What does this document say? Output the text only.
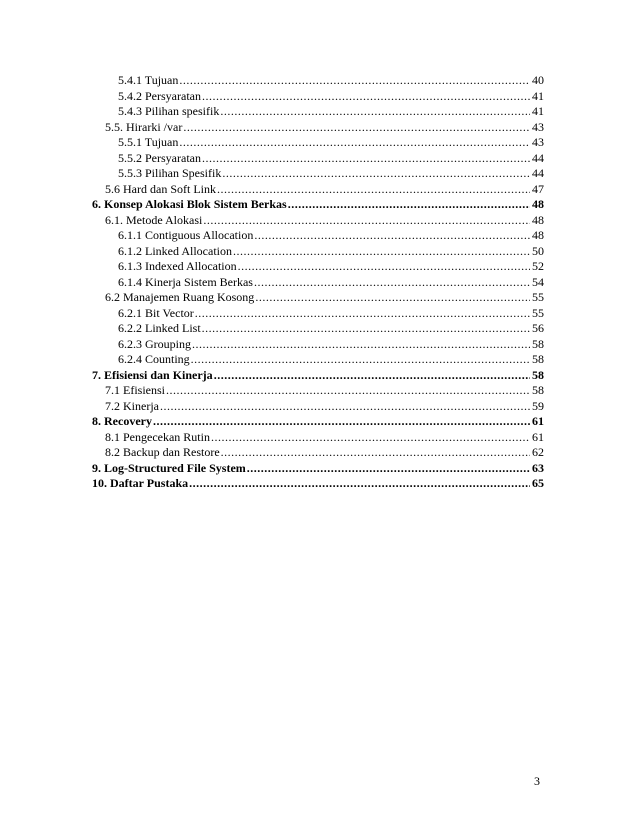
5.4.1 Tujuan .....	40
5.4.2 Persyaratan .....	41
5.4.3 Pilihan spesifik .....	41
5.5. Hirarki /var .....	43
5.5.1 Tujuan .....	43
5.5.2 Persyaratan .....	44
5.5.3 Pilihan Spesifik .....	44
5.6 Hard dan Soft Link .....	47
6. Konsep Alokasi Blok Sistem Berkas .....	48
6.1. Metode Alokasi .....	48
6.1.1 Contiguous Allocation .....	48
6.1.2 Linked Allocation .....	50
6.1.3 Indexed Allocation .....	52
6.1.4 Kinerja Sistem Berkas .....	54
6.2 Manajemen Ruang Kosong .....	55
6.2.1 Bit Vector .....	55
6.2.2 Linked List .....	56
6.2.3 Grouping .....	58
6.2.4 Counting .....	58
7. Efisiensi dan Kinerja .....	58
7.1 Efisiensi .....	58
7.2 Kinerja .....	59
8. Recovery .....	61
8.1 Pengecekan Rutin .....	61
8.2 Backup dan Restore .....	62
9. Log-Structured File System .....	63
10. Daftar Pustaka .....	65
3
